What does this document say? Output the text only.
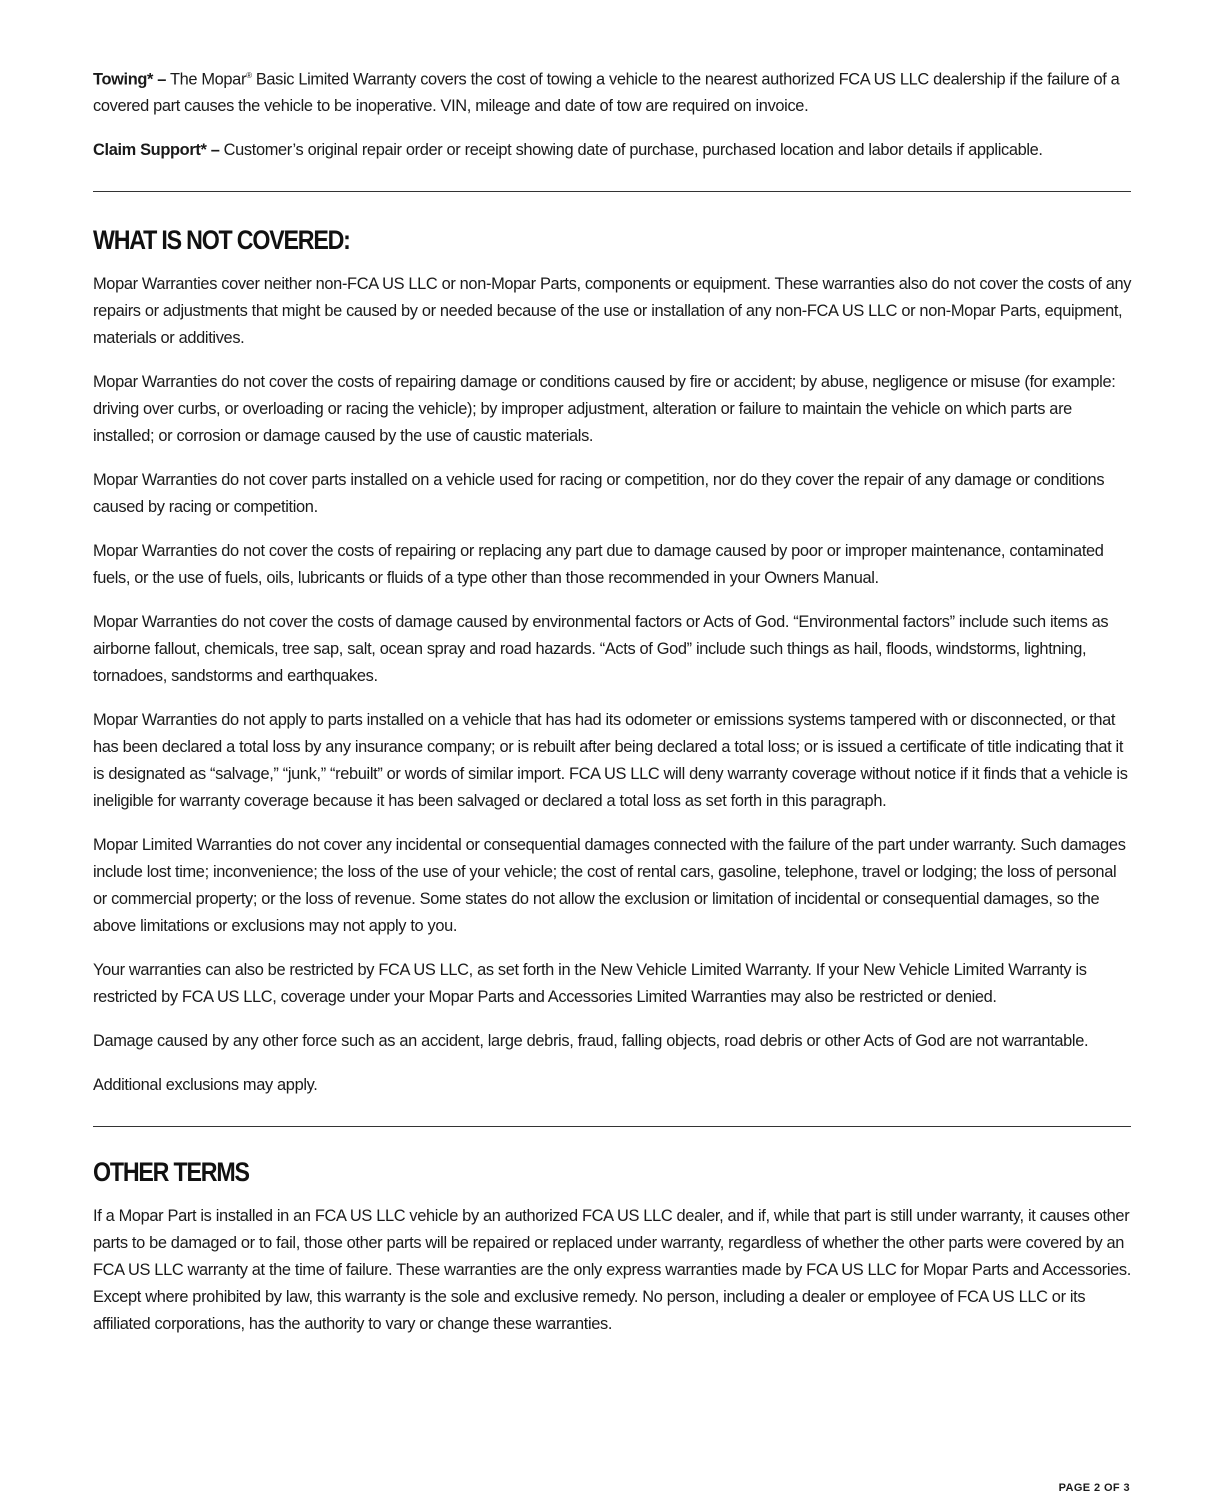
Towing* – The Mopar® Basic Limited Warranty covers the cost of towing a vehicle to the nearest authorized FCA US LLC dealership if the failure of a covered part causes the vehicle to be inoperative. VIN, mileage and date of tow are required on invoice.

Claim Support* – Customer’s original repair order or receipt showing date of purchase, purchased location and labor details if applicable.

WHAT IS NOT COVERED:

Mopar Warranties cover neither non-FCA US LLC or non-Mopar Parts, components or equipment. These warranties also do not cover the costs of any repairs or adjustments that might be caused by or needed because of the use or installation of any non-FCA US LLC or non-Mopar Parts, equipment, materials or additives.

Mopar Warranties do not cover the costs of repairing damage or conditions caused by fire or accident; by abuse, negligence or misuse (for example: driving over curbs, or overloading or racing the vehicle); by improper adjustment, alteration or failure to maintain the vehicle on which parts are installed; or corrosion or damage caused by the use of caustic materials.

Mopar Warranties do not cover parts installed on a vehicle used for racing or competition, nor do they cover the repair of any damage or conditions caused by racing or competition.

Mopar Warranties do not cover the costs of repairing or replacing any part due to damage caused by poor or improper maintenance, contaminated fuels, or the use of fuels, oils, lubricants or fluids of a type other than those recommended in your Owners Manual.

Mopar Warranties do not cover the costs of damage caused by environmental factors or Acts of God. “Environmental factors” include such items as airborne fallout, chemicals, tree sap, salt, ocean spray and road hazards. “Acts of God” include such things as hail, floods, windstorms, lightning, tornadoes, sandstorms and earthquakes.

Mopar Warranties do not apply to parts installed on a vehicle that has had its odometer or emissions systems tampered with or disconnected, or that has been declared a total loss by any insurance company; or is rebuilt after being declared a total loss; or is issued a certificate of title indicating that it is designated as “salvage,” “junk,” “rebuilt” or words of similar import. FCA US LLC will deny warranty coverage without notice if it finds that a vehicle is ineligible for warranty coverage because it has been salvaged or declared a total loss as set forth in this paragraph.

Mopar Limited Warranties do not cover any incidental or consequential damages connected with the failure of the part under warranty. Such damages include lost time; inconvenience; the loss of the use of your vehicle; the cost of rental cars, gasoline, telephone, travel or lodging; the loss of personal or commercial property; or the loss of revenue. Some states do not allow the exclusion or limitation of incidental or consequential damages, so the above limitations or exclusions may not apply to you.

Your warranties can also be restricted by FCA US LLC, as set forth in the New Vehicle Limited Warranty. If your New Vehicle Limited Warranty is restricted by FCA US LLC, coverage under your Mopar Parts and Accessories Limited Warranties may also be restricted or denied.

Damage caused by any other force such as an accident, large debris, fraud, falling objects, road debris or other Acts of God are not warrantable.

Additional exclusions may apply.

OTHER TERMS

If a Mopar Part is installed in an FCA US LLC vehicle by an authorized FCA US LLC dealer, and if, while that part is still under warranty, it causes other parts to be damaged or to fail, those other parts will be repaired or replaced under warranty, regardless of whether the other parts were covered by an FCA US LLC warranty at the time of failure. These warranties are the only express warranties made by FCA US LLC for Mopar Parts and Accessories. Except where prohibited by law, this warranty is the sole and exclusive remedy. No person, including a dealer or employee of FCA US LLC or its affiliated corporations, has the authority to vary or change these warranties.

PAGE 2 OF 3
